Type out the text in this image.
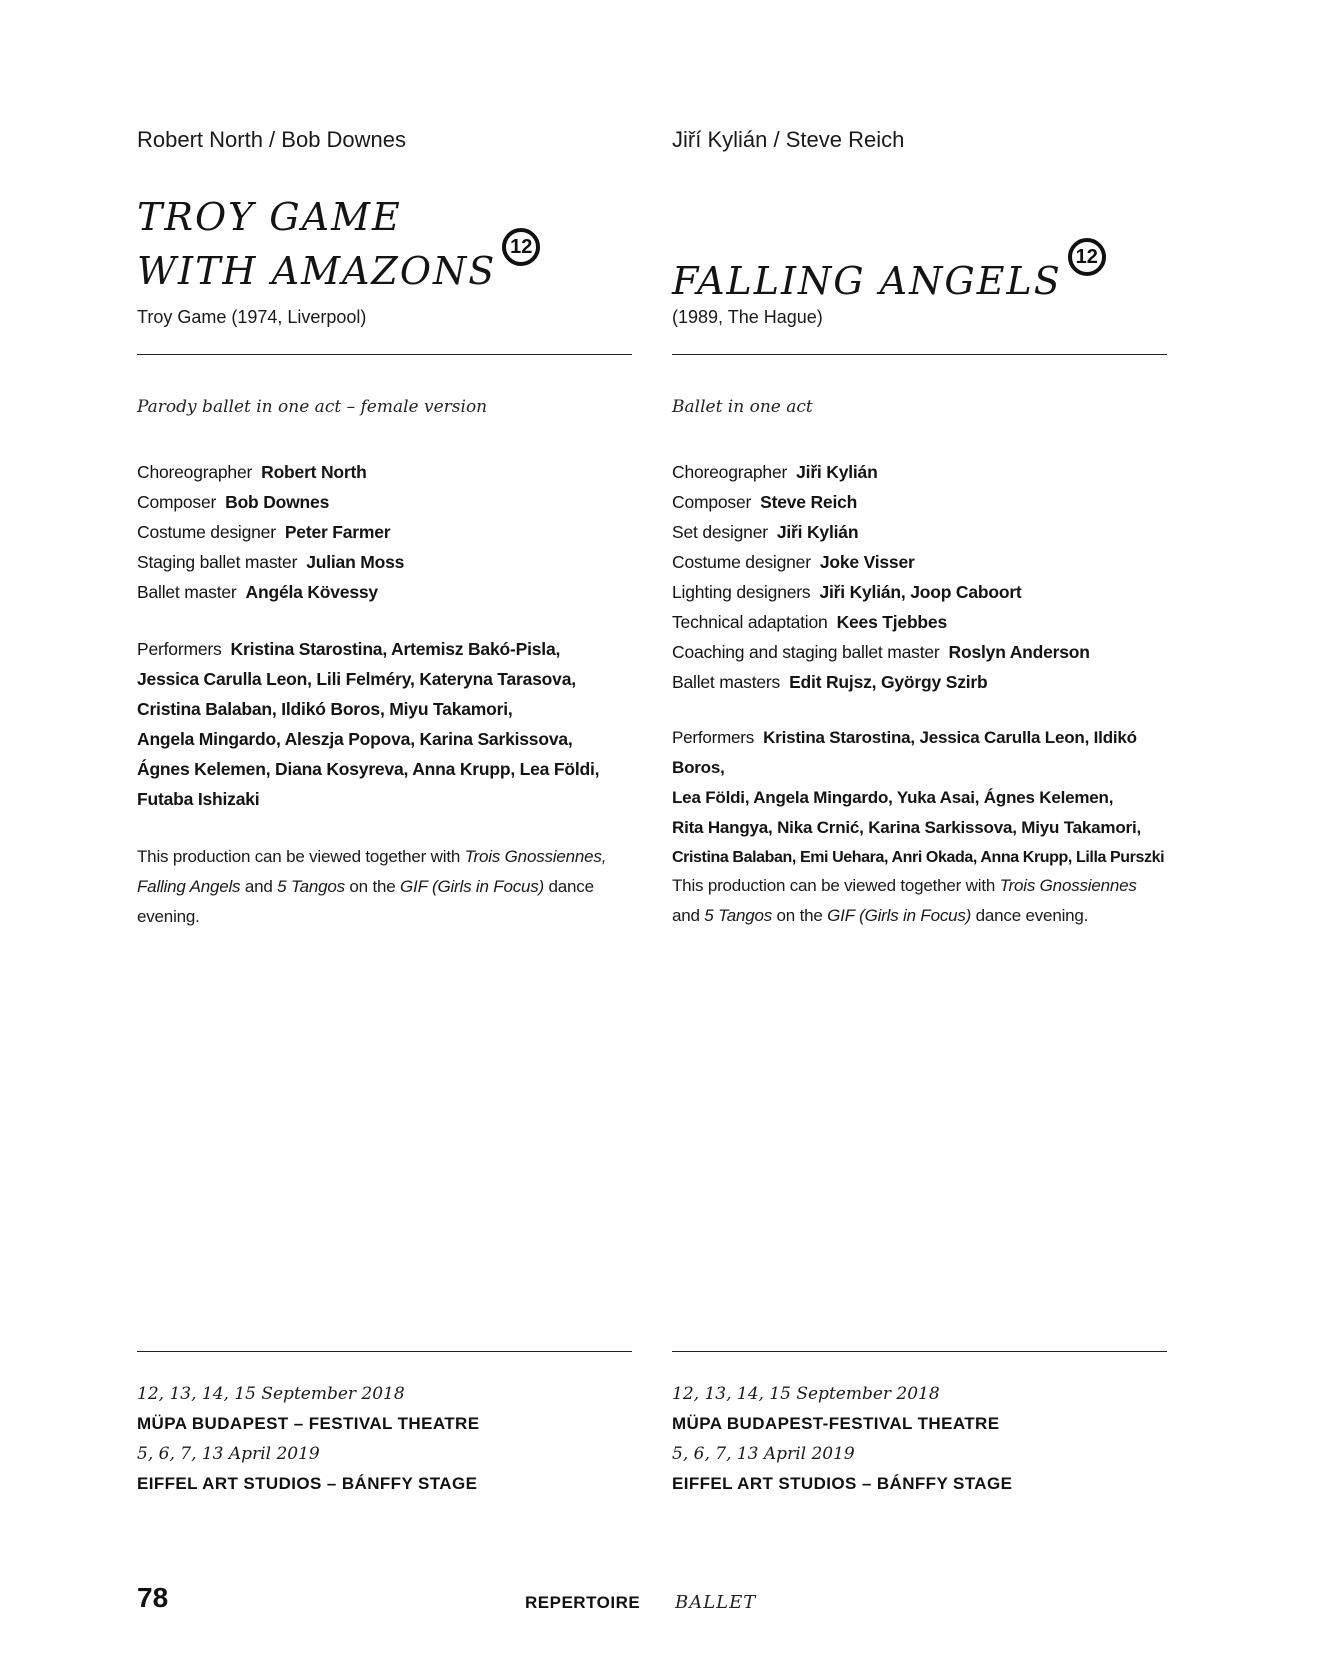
Robert North / Bob Downes
TROY GAME
WITH AMAZONS12
Troy Game (1974, Liverpool)
Parody ballet in one act – female version
Choreographer Robert North
Composer Bob Downes
Costume designer Peter Farmer
Staging ballet master Julian Moss
Ballet master Angéla Kövessy
Performers Kristina Starostina, Artemisz Bakó-Pisla,
Jessica Carulla Leon, Lili Felméry, Kateryna Tarasova,
Cristina Balaban, Ildikó Boros, Miyu Takamori,
Angela Mingardo, Aleszja Popova, Karina Sarkissova,
Ágnes Kelemen, Diana Kosyreva, Anna Krupp, Lea Földi,
Futaba Ishizaki
This production can be viewed together with Trois Gnossiennes, Falling Angels and 5 Tangos on the GIF (Girls in Focus) dance evening.
12, 13, 14, 15 September 2018
MÜPA BUDAPEST – FESTIVAL THEATRE
5, 6, 7, 13 April 2019
EIFFEL ART STUDIOS – BÁNFFY STAGE
Jiří Kylián / Steve Reich
FALLING ANGELS12
(1989, The Hague)
Ballet in one act
Choreographer Jiři Kylián
Composer Steve Reich
Set designer Jiři Kylián
Costume designer Joke Visser
Lighting designers Jiři Kylián, Joop Caboort
Technical adaptation Kees Tjebbes
Coaching and staging ballet master Roslyn Anderson
Ballet masters Edit Rujsz, György Szirb
Performers Kristina Starostina, Jessica Carulla Leon, Ildikó Boros,
Lea Földi, Angela Mingardo, Yuka Asai, Ágnes Kelemen,
Rita Hangya, Nika Crnić, Karina Sarkissova, Miyu Takamori,
Cristina Balaban, Emi Uehara, Anri Okada, Anna Krupp, Lilla Purszki
This production can be viewed together with Trois Gnossiennes and 5 Tangos on the GIF (Girls in Focus) dance evening.
12, 13, 14, 15 September 2018
MÜPA BUDAPEST-FESTIVAL THEATRE
5, 6, 7, 13 April 2019
EIFFEL ART STUDIOS – BÁNFFY STAGE
78	REPERTOIRE BALLET
